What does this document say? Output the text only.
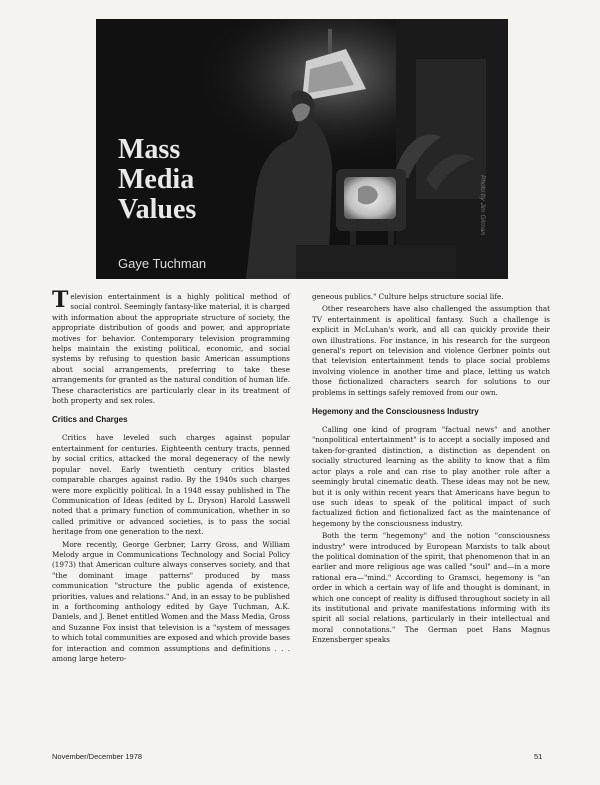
Mass
Media
Values

Gaye Tuchman

Photo by Jim Gilman

Television entertainment is a highly political method of social control. Seemingly fantasy-like material, it is charged with information about the appropriate structure of society, the appropriate distribution of goods and power, and appropriate motives for behavior. Contemporary television programming helps maintain the existing political, economic, and social systems by refusing to question basic American assumptions about social arrangements, preferring to take these arrangements for granted as the natural condition of human life. These characteristics are particularly clear in its treatment of both property and sex roles.

Critics and Charges

Critics have leveled such charges against popular entertainment for centuries. Eighteenth century tracts, penned by social critics, attacked the moral degeneracy of the newly popular novel. Early twentieth century critics blasted comparable charges against radio. By the 1940s such charges were more explicitly political. In a 1948 essay published in The Communication of Ideas (edited by L. Dryson) Harold Lasswell noted that a primary function of communication, whether in so called primitive or advanced societies, is to pass the social heritage from one generation to the next.

More recently, George Gerbner, Larry Gross, and William Melody argue in Communications Technology and Social Policy (1973) that American culture always conserves society, and that "the dominant image patterns" produced by mass communication "structure the public agenda of existence, priorities, values and relations." And, in an essay to be published in a forthcoming anthology edited by Gaye Tuchman, A.K. Daniels, and J. Benet entitled Women and the Mass Media, Gross and Suzanne Fox insist that television is a "system of messages to which total communities are exposed and which provide bases for interaction and common assumptions and definitions . . . among large hetero-

geneous publics." Culture helps structure social life.

Other researchers have also challenged the assumption that TV entertainment is apolitical fantasy. Such a challenge is explicit in McLuhan's work, and all can quickly provide their own illustrations. For instance, in his research for the surgeon general's report on television and violence Gerbner points out that television entertainment tends to place social problems involving violence in another time and place, letting us watch those fictionalized characters search for solutions to our problems in settings safely removed from our own.

Hegemony and the Consciousness Industry

Calling one kind of program "factual news" and another "nonpolitical entertainment" is to accept a socially imposed and taken-for-granted distinction, a distinction as dependent on socially structured learning as the ability to know that a film actor plays a role and can rise to play another role after a seemingly brutal cinematic death. These ideas may not be new, but it is only within recent years that Americans have begun to use such ideas to speak of the political impact of such factualized fiction and fictionalized fact as the maintenance of hegemony by the consciousness industry.

Both the term "hegemony" and the notion "consciousness industry" were introduced by European Marxists to talk about the political domination of the spirit, that phenomenon that in an earlier and more religious age was called "soul" and—in a more rational era—"mind." According to Gramsci, hegemony is "an order in which a certain way of life and thought is dominant, in which one concept of reality is diffused throughout society in all its institutional and private manifestations informing with its spirit all social relations, particularly in their intellectual and moral connotations." The German poet Hans Magnus Enzensberger speaks

November/December 1978	51
